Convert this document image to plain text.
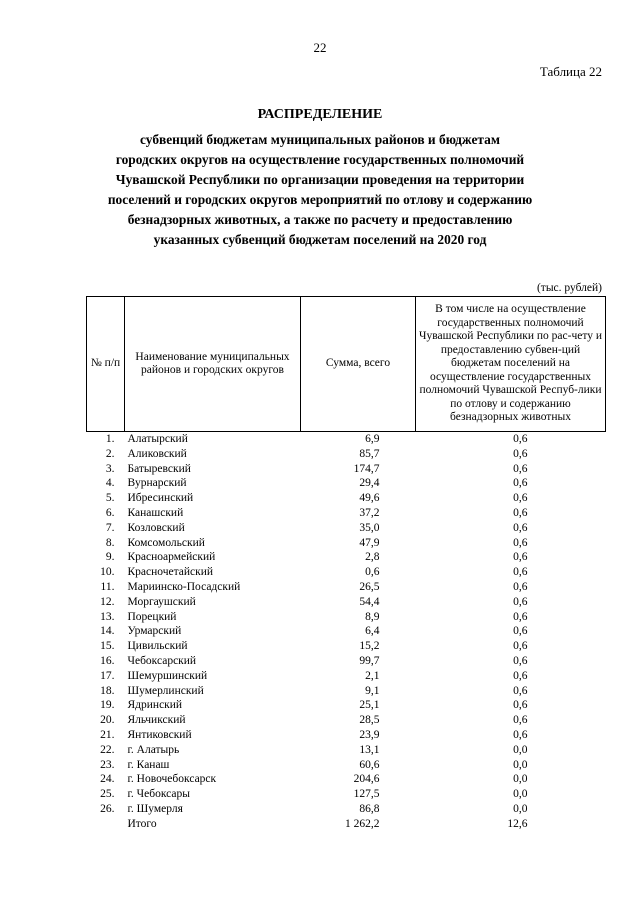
22
Таблица 22
РАСПРЕДЕЛЕНИЕ
субвенций бюджетам муниципальных районов и бюджетам
городских округов на осуществление государственных полномочий
Чувашской Республики по организации проведения на территории
поселений и городских округов мероприятий по отлову и содержанию
безнадзорных животных, а также по расчету и предоставлению
указанных субвенций бюджетам поселений на 2020 год
(тыс. рублей)
№ п/п	Наименование муниципальных районов и городских округов	Сумма, всего	В том числе на осуществление государственных полномочий Чувашской Республики по рас-чету и предоставлению субвен-ций бюджетам поселений на осуществление государственных полномочий Чувашской Респуб-лики по отлову и содержанию безнадзорных животных
1.	Алатырский	6,9	0,6
2.	Аликовский	85,7	0,6
3.	Батыревский	174,7	0,6
4.	Вурнарский	29,4	0,6
5.	Ибресинский	49,6	0,6
6.	Канашский	37,2	0,6
7.	Козловский	35,0	0,6
8.	Комсомольский	47,9	0,6
9.	Красноармейский	2,8	0,6
10.	Красночетайский	0,6	0,6
11.	Мариинско-Посадский	26,5	0,6
12.	Моргаушский	54,4	0,6
13.	Порецкий	8,9	0,6
14.	Урмарский	6,4	0,6
15.	Цивильский	15,2	0,6
16.	Чебоксарский	99,7	0,6
17.	Шемуршинский	2,1	0,6
18.	Шумерлинский	9,1	0,6
19.	Ядринский	25,1	0,6
20.	Яльчикский	28,5	0,6
21.	Янтиковский	23,9	0,6
22.	г. Алатырь	13,1	0,0
23.	г. Канаш	60,6	0,0
24.	г. Новочебоксарск	204,6	0,0
25.	г. Чебоксары	127,5	0,0
26.	г. Шумерля	86,8	0,0
	Итого	1 262,2	12,6
